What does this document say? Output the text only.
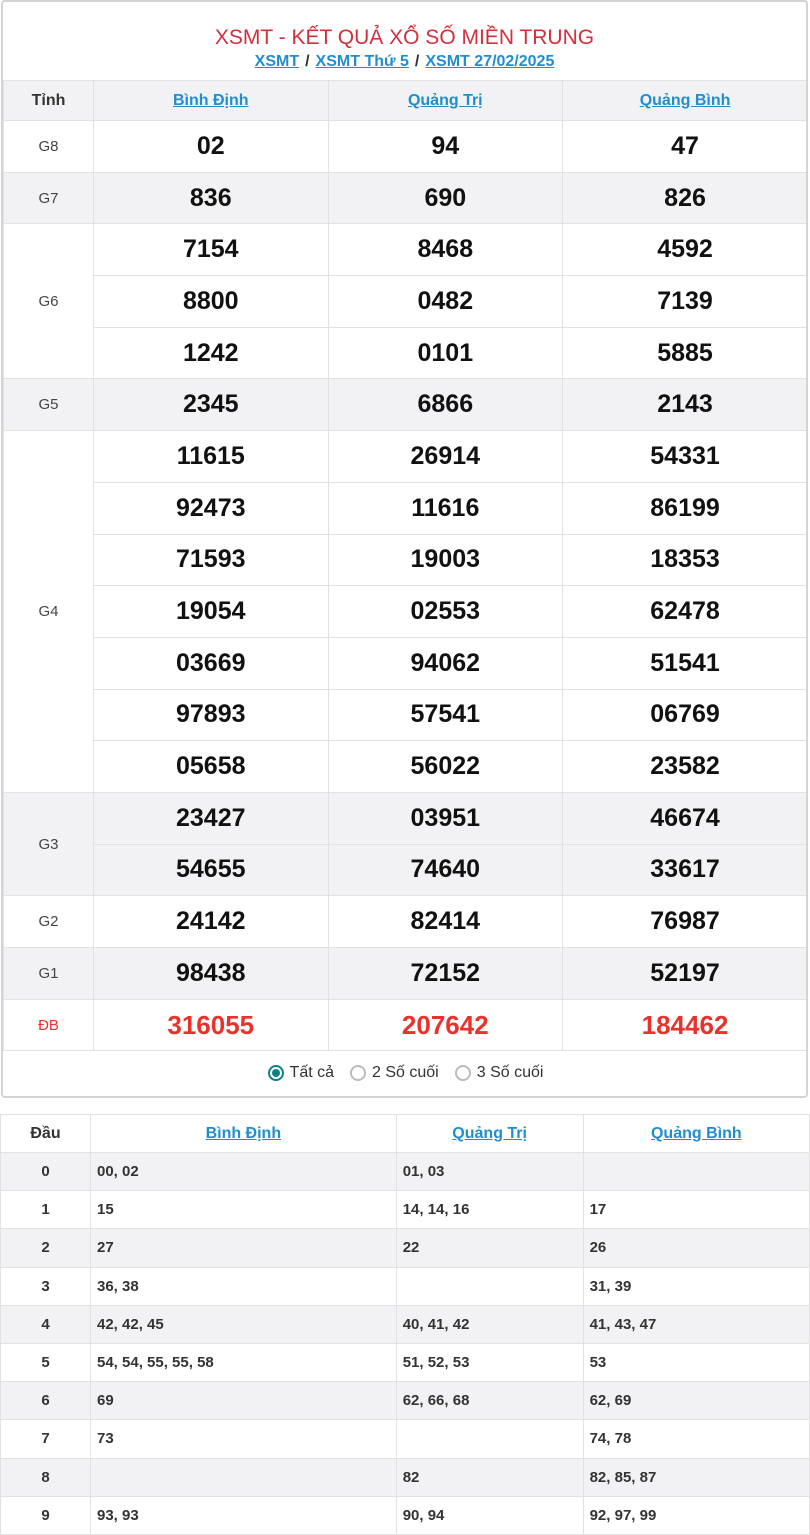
XSMT - KẾT QUẢ XỔ SỐ MIỀN TRUNG
XSMT / XSMT Thứ 5 / XSMT 27/02/2025
Tỉnh	Bình Định	Quảng Trị	Quảng Bình
G8	02	94	47
G7	836	690	826
G6	7154	8468	4592
	8800	0482	7139
	1242	0101	5885
G5	2345	6866	2143
G4	11615	26914	54331
	92473	11616	86199
	71593	19003	18353
	19054	02553	62478
	03669	94062	51541
	97893	57541	06769
	05658	56022	23582
G3	23427	03951	46674
	54655	74640	33617
G2	24142	82414	76987
G1	98438	72152	52197
ĐB	316055	207642	184462
Tất cả 2 Số cuối 3 Số cuối
Đầu	Bình Định	Quảng Trị	Quảng Bình
0	00, 02	01, 03	
1	15	14, 14, 16	17
2	27	22	26
3	36, 38		31, 39
4	42, 42, 45	40, 41, 42	41, 43, 47
5	54, 54, 55, 55, 58	51, 52, 53	53
6	69	62, 66, 68	62, 69
7	73		74, 78
8		82	82, 85, 87
9	93, 93	90, 94	92, 97, 99
